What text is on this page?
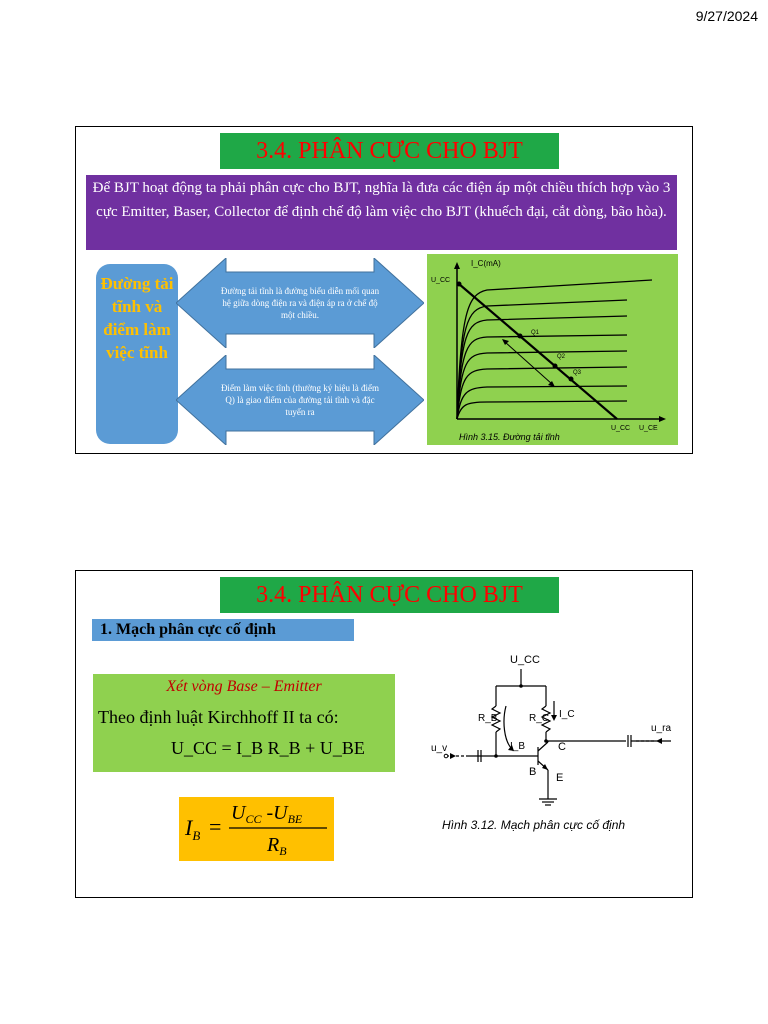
9/27/2024
3.4. PHÂN CỰC CHO BJT
Để BJT hoạt động ta phải phân cực cho BJT, nghĩa là đưa các điện áp một chiều thích hợp vào 3 cực Emitter, Baser, Collector để định chế độ làm việc cho BJT (khuếch đại, cắt dòng, bão hòa).
Đường tải tĩnh và điểm làm việc tĩnh
Đường tải tĩnh là đường biểu diễn mối quan hệ giữa dòng điện ra và điện áp ra ở chế độ một chiều.
Điểm làm việc tĩnh (thường ký hiệu là điểm Q) là giao điểm của đường tải tĩnh và đặc tuyến ra
I_C(mA)
U_CC
U_CC U_CE
Q1
Q2
Q3
Hình 3.15. Đường tải tĩnh
3.4. PHÂN CỰC CHO BJT
1. Mạch phân cực cố định
Xét vòng Base – Emitter
Theo định luật Kirchhoff II ta có:
U_CC = I_B R_B + U_BE
$I_B$ =
$U_{CC}$ $-U_{BE}$
$R_B$
U_CC
R_B	R_C I_C
I_B
u_v
u_ra
C
B E
Hình 3.12. Mạch phân cực cố định
